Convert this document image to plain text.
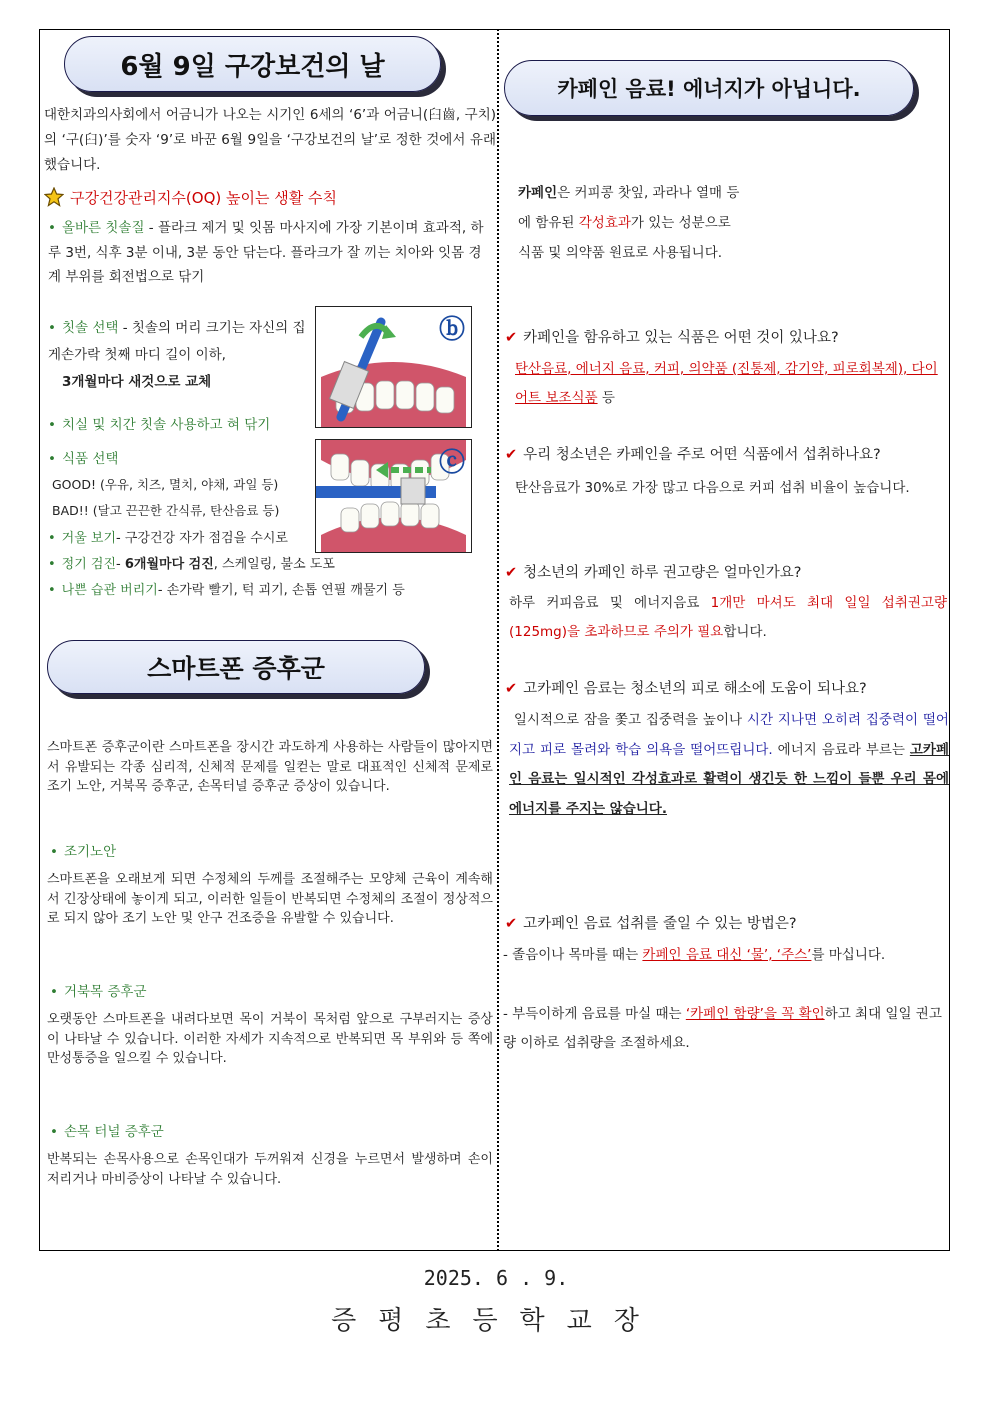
6월 9일 구강보건의 날

대한치과의사회에서 어금니가 나오는 시기인 6세의 ‘6’과 어금니(臼齒, 구치)의 ‘구(臼)’를 숫자 ‘9’로 바꾼 6월 9일을 ‘구강보건의 날’로 정한 것에서 유래했습니다.

구강건강관리지수(OQ) 높이는 생활 수칙

• 올바른 칫솔질 - 플라크 제거 및 잇몸 마사지에 가장 기본이며 효과적, 하루 3번, 식후 3분 이내, 3분 동안 닦는다. 플라크가 잘 끼는 치아와 잇몸 경계 부위를 회전법으로 닦기

• 칫솔 선택 - 칫솔의 머리 크기는 자신의 집게손가락 첫째 마디 길이 이하,
3개월마다 새것으로 교체

• 치실 및 치간 칫솔 사용하고 혀 닦기

• 식품 선택
GOOD! (우유, 치즈, 멸치, 야채, 과일 등)
BAD!! (달고 끈끈한 간식류, 탄산음료 등)

• 거울 보기- 구강건강 자가 점검을 수시로

• 정기 검진- 6개월마다 검진, 스케일링, 불소 도포

• 나쁜 습관 버리기- 손가락 빨기, 턱 괴기, 손톱 연필 깨물기 등

ⓑ
ⓒ
스마트폰 증후군

스마트폰 증후군이란 스마트폰을 장시간 과도하게 사용하는 사람들이 많아지면서 유발되는 각종 심리적, 신체적 문제를 일컫는 말로 대표적인 신체적 문제로 조기 노안, 거북목 증후군, 손목터널 증후군 증상이 있습니다.

• 조기노안

스마트폰을 오래보게 되면 수정체의 두께를 조절해주는 모양체 근육이 계속해서 긴장상태에 놓이게 되고, 이러한 일들이 반복되면 수정체의 조절이 정상적으로 되지 않아 조기 노안 및 안구 건조증을 유발할 수 있습니다.

• 거북목 증후군

오랫동안 스마트폰을 내려다보면 목이 거북이 목처럼 앞으로 구부러지는 증상이 나타날 수 있습니다. 이러한 자세가 지속적으로 반복되면 목 부위와 등 쪽에 만성통증을 일으킬 수 있습니다.

• 손목 터널 증후군

반복되는 손목사용으로 손목인대가 두꺼워져 신경을 누르면서 발생하며 손이 저리거나 마비증상이 나타날 수 있습니다.

카페인 음료! 에너지가 아닙니다.
카페인은 커피콩 찻잎, 과라나 열매 등
에 함유된 각성효과가 있는 성분으로
식품 및 의약품 원료로 사용됩니다.

✔ 카페인을 함유하고 있는 식품은 어떤 것이 있나요?

탄산음료, 에너지 음료, 커피, 의약품 (진통제, 감기약, 피로회복제), 다이어트 보조식품 등

✔ 우리 청소년은 카페인을 주로 어떤 식품에서 섭취하나요?

탄산음료가 30%로 가장 많고 다음으로 커피 섭취 비율이 높습니다.

✔ 청소년의 카페인 하루 권고량은 얼마인가요?

하루 커피음료 및 에너지음료 1개만 마셔도 최대 일일 섭취권고량(125mg)을 초과하므로 주의가 필요합니다.

✔ 고카페인 음료는 청소년의 피로 해소에 도움이 되나요?

일시적으로 잠을 쫓고 집중력을 높이나 시간 지나면 오히려 집중력이 떨어지고 피로 몰려와 학습 의욕을 떨어뜨립니다. 에너지 음료라 부르는 고카페인 음료는 일시적인 각성효과로 활력이 생긴듯 한 느낌이 들뿐 우리 몸에 에너지를 주지는 않습니다.

✔ 고카페인 음료 섭취를 줄일 수 있는 방법은?

- 졸음이나 목마를 때는 카페인 음료 대신 ‘물’, ‘주스’를 마십니다.

- 부득이하게 음료를 마실 때는 ‘카페인 함량’을 꼭 확인하고 최대 일일 권고량 이하로 섭취량을 조절하세요.

2025. 6 . 9.
증평초등학교장
